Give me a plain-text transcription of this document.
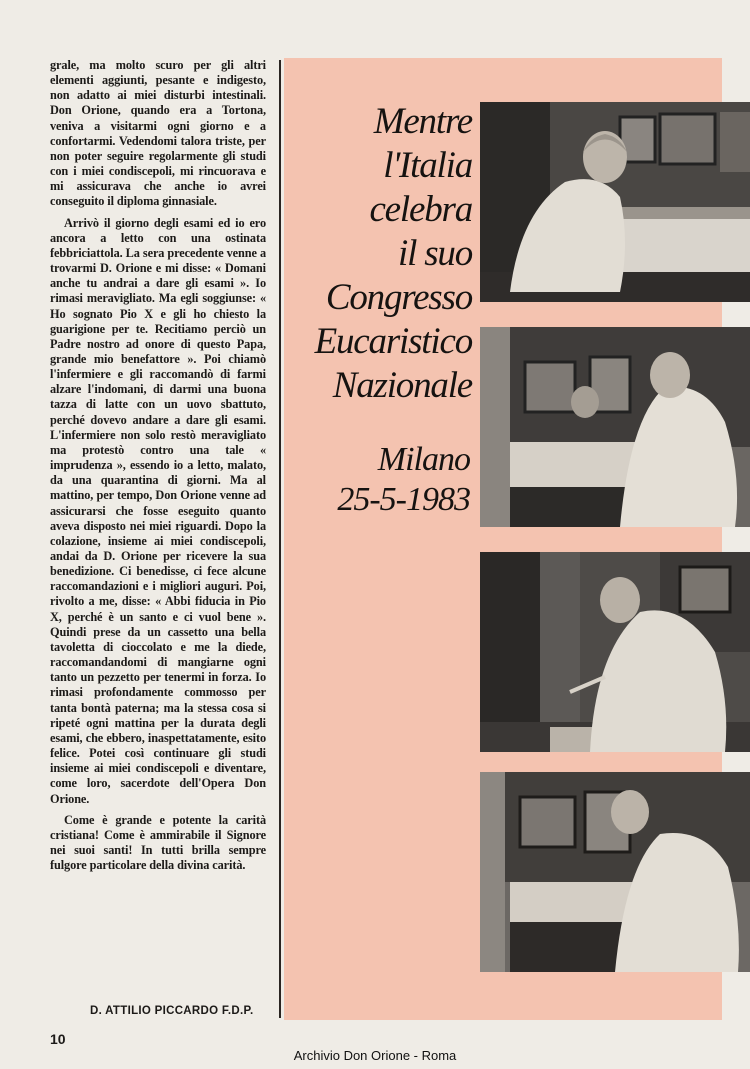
grale, ma molto scuro per gli altri elementi aggiunti, pesante e indigesto, non adatto ai miei disturbi intestinali. Don Orione, quando era a Tortona, veniva a visitarmi ogni giorno e a confortarmi. Vedendomi talora triste, per non poter seguire regolarmente gli studi con i miei condiscepoli, mi rincuorava e mi assicurava che anche io avrei conseguito il diploma ginnasiale.

Arrivò il giorno degli esami ed io ero ancora a letto con una ostinata febbriciattola. La sera precedente venne a trovarmi D. Orione e mi disse: « Domani anche tu andrai a dare gli esami ». Io rimasi meravigliato. Ma egli soggiunse: « Ho sognato Pio X e gli ho chiesto la guarigione per te. Recitiamo perciò un Padre nostro ad onore di questo Papa, grande mio benefattore ». Poi chiamò l'infermiere e gli raccomandò di farmi alzare l'indomani, di darmi una buona tazza di latte con un uovo sbattuto, perché dovevo andare a dare gli esami. L'infermiere non solo restò meravigliato ma protestò contro una tale « imprudenza », essendo io a letto, malato, da una quarantina di giorni. Ma al mattino, per tempo, Don Orione venne ad assicurarsi che fosse eseguito quanto aveva disposto nei miei riguardi. Dopo la colazione, insieme ai miei condiscepoli, andai da D. Orione per ricevere la sua benedizione. Ci benedisse, ci fece alcune raccomandazioni e i migliori auguri. Poi, rivolto a me, disse: « Abbi fiducia in Pio X, perché è un santo e ci vuol bene ». Quindi prese da un cassetto una bella tavoletta di cioccolato e me la diede, raccomandandomi di mangiarne ogni tanto un pezzetto per tenermi in forza. Io rimasi profondamente commosso per tanta bontà paterna; ma la stessa cosa si ripeté ogni mattina per la durata degli esami, che ebbero, inaspettatamente, esito felice. Potei così continuare gli studi insieme ai miei condiscepoli e diventare, come loro, sacerdote dell'Opera Don Orione.

Come è grande e potente la carità cristiana! Come è ammirabile il Signore nei suoi santi! In tutti brilla sempre fulgore particolare della divina carità.

D. ATTILIO PICCARDO F.D.P.
10
Archivio Don Orione - Roma
Mentre
l'Italia
celebra
il suo
Congresso
Eucaristico
Nazionale
Milano
25-5-1983
